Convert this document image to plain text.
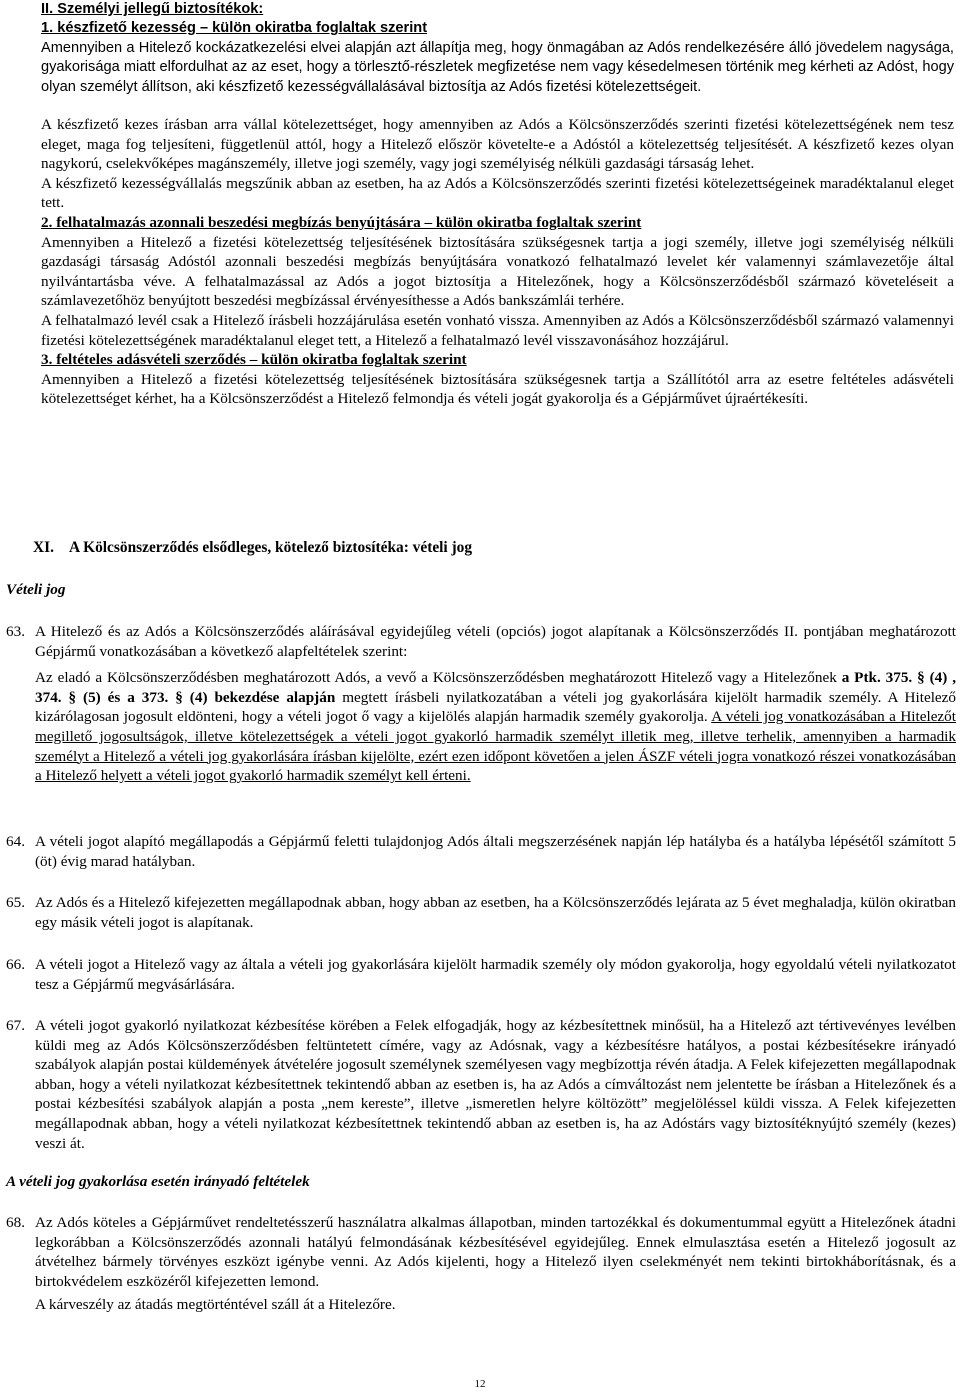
II. Személyi jellegű biztosítékok:

1. készfizető kezesség – külön okiratba foglaltak szerint

Amennyiben a Hitelező kockázatkezelési elvei alapján azt állapítja meg, hogy önmagában az Adós rendelkezésére álló jövedelem nagysága, gyakorisága miatt elfordulhat az az eset, hogy a törlesztő-részletek megfizetése nem vagy késedelmesen történik meg kérheti az Adóst, hogy olyan személyt állítson, aki készfizető kezességvállalásával biztosítja az Adós fizetési kötelezettségeit.

A készfizető kezes írásban arra vállal kötelezettséget, hogy amennyiben az Adós a Kölcsönszerződés szerinti fizetési kötelezettségének nem tesz eleget, maga fog teljesíteni, függetlenül attól, hogy a Hitelező először követelte-e a Adóstól a kötelezettség teljesítését. A készfizető kezes olyan nagykorú, cselekvőképes magánszemély, illetve jogi személy, vagy jogi személyiség nélküli gazdasági társaság lehet.

A készfizető kezességvállalás megszűnik abban az esetben, ha az Adós a Kölcsönszerződés szerinti fizetési kötelezettségeinek maradéktalanul eleget tett.

2. felhatalmazás azonnali beszedési megbízás benyújtására – külön okiratba foglaltak szerint

Amennyiben a Hitelező a fizetési kötelezettség teljesítésének biztosítására szükségesnek tartja a jogi személy, illetve jogi személyiség nélküli gazdasági társaság Adóstól azonnali beszedési megbízás benyújtására vonatkozó felhatalmazó levelet kér valamennyi számlavezetője által nyilvántartásba véve. A felhatalmazással az Adós a jogot biztosítja a Hitelezőnek, hogy a Kölcsönszerződésből származó követeléseit a számlavezetőhöz benyújtott beszedési megbízással érvényesíthesse a Adós bankszámlái terhére.

A felhatalmazó levél csak a Hitelező írásbeli hozzájárulása esetén vonható vissza. Amennyiben az Adós a Kölcsönszerződésből származó valamennyi fizetési kötelezettségének maradéktalanul eleget tett, a Hitelező a felhatalmazó levél visszavonásához hozzájárul.

3. feltételes adásvételi szerződés – külön okiratba foglaltak szerint

Amennyiben a Hitelező a fizetési kötelezettség teljesítésének biztosítására szükségesnek tartja a Szállítótól arra az esetre feltételes adásvételi kötelezettséget kérhet, ha a Kölcsönszerződést a Hitelező felmondja és vételi jogát gyakorolja és a Gépjárművet újraértékesíti.

XI. A Kölcsönszerződés elsődleges, kötelező biztosítéka: vételi jog
Vételi jog
63. A Hitelező és az Adós a Kölcsönszerződés aláírásával egyidejűleg vételi (opciós) jogot alapítanak a Kölcsönszerződés II. pontjában meghatározott Gépjármű vonatkozásában a következő alapfeltételek szerint:

Az eladó a Kölcsönszerződésben meghatározott Adós, a vevő a Kölcsönszerződésben meghatározott Hitelező vagy a Hitelezőnek a Ptk. 375. § (4) , 374. § (5) és a 373. § (4) bekezdése alapján megtett írásbeli nyilatkozatában a vételi jog gyakorlására kijelölt harmadik személy. A Hitelező kizárólagosan jogosult eldönteni, hogy a vételi jogot ő vagy a kijelölés alapján harmadik személy gyakorolja. A vételi jog vonatkozásában a Hitelezőt megillető jogosultságok, illetve kötelezettségek a vételi jogot gyakorló harmadik személyt illetik meg, illetve terhelik, amennyiben a harmadik személyt a Hitelező a vételi jog gyakorlására írásban kijelölte, ezért ezen időpont követően a jelen ÁSZF vételi jogra vonatkozó részei vonatkozásában a Hitelező helyett a vételi jogot gyakorló harmadik személyt kell érteni.

64. A vételi jogot alapító megállapodás a Gépjármű feletti tulajdonjog Adós általi megszerzésének napján lép hatályba és a hatályba lépésétől számított 5 (öt) évig marad hatályban.

65. Az Adós és a Hitelező kifejezetten megállapodnak abban, hogy abban az esetben, ha a Kölcsönszerződés lejárata az 5 évet meghaladja, külön okiratban egy másik vételi jogot is alapítanak.

66. A vételi jogot a Hitelező vagy az általa a vételi jog gyakorlására kijelölt harmadik személy oly módon gyakorolja, hogy egyoldalú vételi nyilatkozatot tesz a Gépjármű megvásárlására.

67. A vételi jogot gyakorló nyilatkozat kézbesítése körében a Felek elfogadják, hogy az kézbesítettnek minősül, ha a Hitelező azt tértivevényes levélben küldi meg az Adós Kölcsönszerződésben feltüntetett címére, vagy az Adósnak, vagy a kézbesítésre hatályos, a postai kézbesítésekre irányadó szabályok alapján postai küldemények átvételére jogosult személynek személyesen vagy megbízottja révén átadja. A Felek kifejezetten megállapodnak abban, hogy a vételi nyilatkozat kézbesítettnek tekintendő abban az esetben is, ha az Adós a címváltozást nem jelentette be írásban a Hitelezőnek és a postai kézbesítési szabályok alapján a posta „nem kereste”, illetve „ismeretlen helyre költözött” megjelöléssel küldi vissza. A Felek kifejezetten megállapodnak abban, hogy a vételi nyilatkozat kézbesítettnek tekintendő abban az esetben is, ha az Adóstárs vagy biztosítéknyújtó személy (kezes) veszi át.

A vételi jog gyakorlása esetén irányadó feltételek
68. Az Adós köteles a Gépjárművet rendeltetésszerű használatra alkalmas állapotban, minden tartozékkal és dokumentummal együtt a Hitelezőnek átadni legkorábban a Kölcsönszerződés azonnali hatályú felmondásának kézbesítésével egyidejűleg. Ennek elmulasztása esetén a Hitelező jogosult az átvételhez bármely törvényes eszközt igénybe venni. Az Adós kijelenti, hogy a Hitelező ilyen cselekményét nem tekinti birtokháborításnak, és a birtokvédelem eszközéről kifejezetten lemond.

A kárveszély az átadás megtörténtével száll át a Hitelezőre.

12
